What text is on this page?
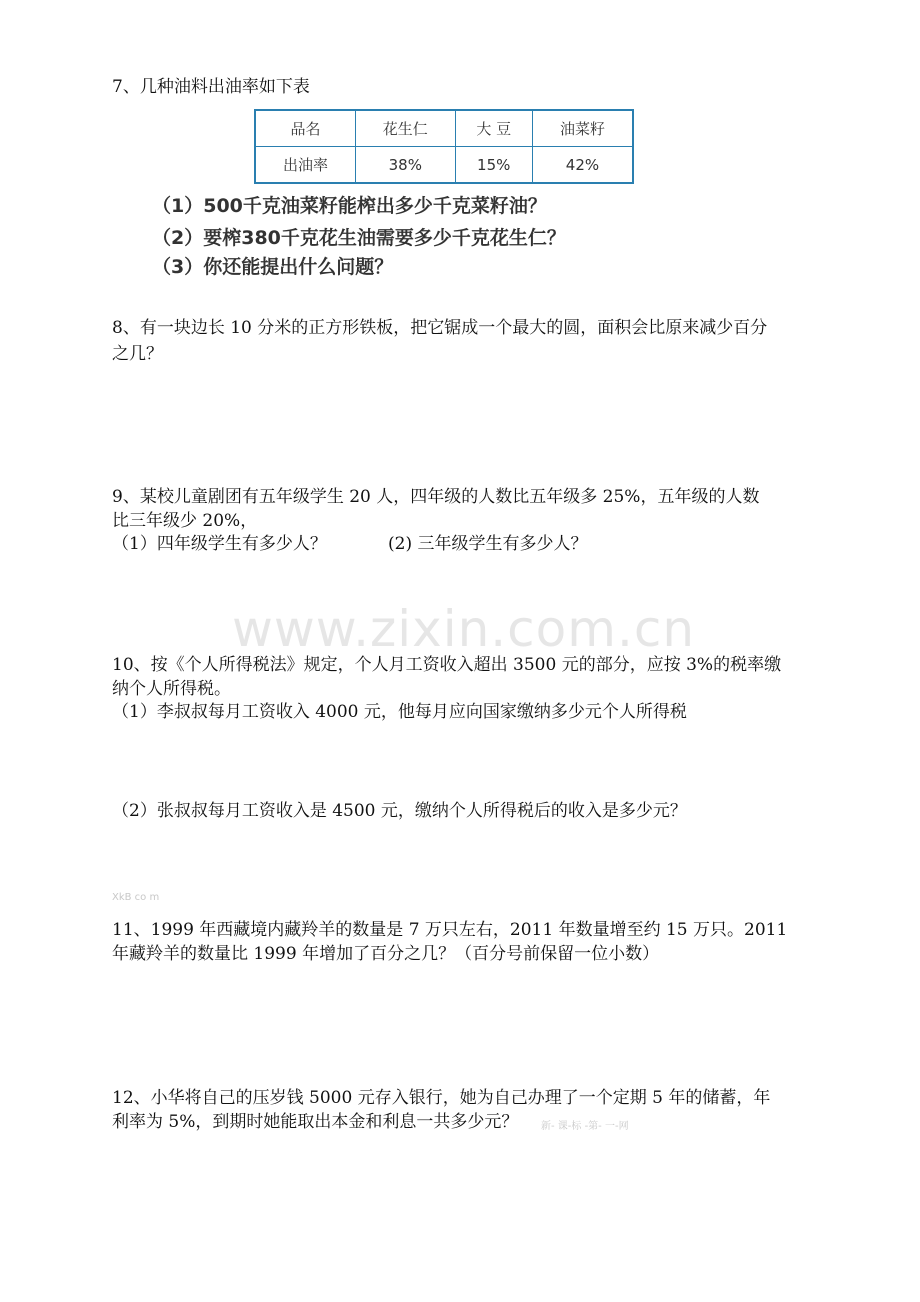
7、几种油料出油率如下表
品名	花生仁	大 豆	油菜籽
出油率	38%	15%	42%
（1）500千克油菜籽能榨出多少千克菜籽油？
（2）要榨380千克花生油需要多少千克花生仁？
（3）你还能提出什么问题？
8、有一块边长 10 分米的正方形铁板，把它锯成一个最大的圆，面积会比原来减少百分
之几？
9、某校儿童剧团有五年级学生 20 人，四年级的人数比五年级多 25%，五年级的人数
比三年级少 20%，
（1）四年级学生有多少人？	(2) 三年级学生有多少人？
www.zixin.com.cn
10、按《个人所得税法》规定，个人月工资收入超出 3500 元的部分，应按 3%的税率缴
纳个人所得税。
（1）李叔叔每月工资收入 4000 元，他每月应向国家缴纳多少元个人所得税
（2）张叔叔每月工资收入是 4500 元，缴纳个人所得税后的收入是多少元？
XkB co m
11、1999 年西藏境内藏羚羊的数量是 7 万只左右，2011 年数量增至约 15 万只。2011
年藏羚羊的数量比 1999 年增加了百分之几？（百分号前保留一位小数）
12、小华将自己的压岁钱 5000 元存入银行，她为自己办理了一个定期 5 年的储蓄，年
利率为 5%，到期时她能取出本金和利息一共多少元？ 新- 课-标 -第- 一-网
